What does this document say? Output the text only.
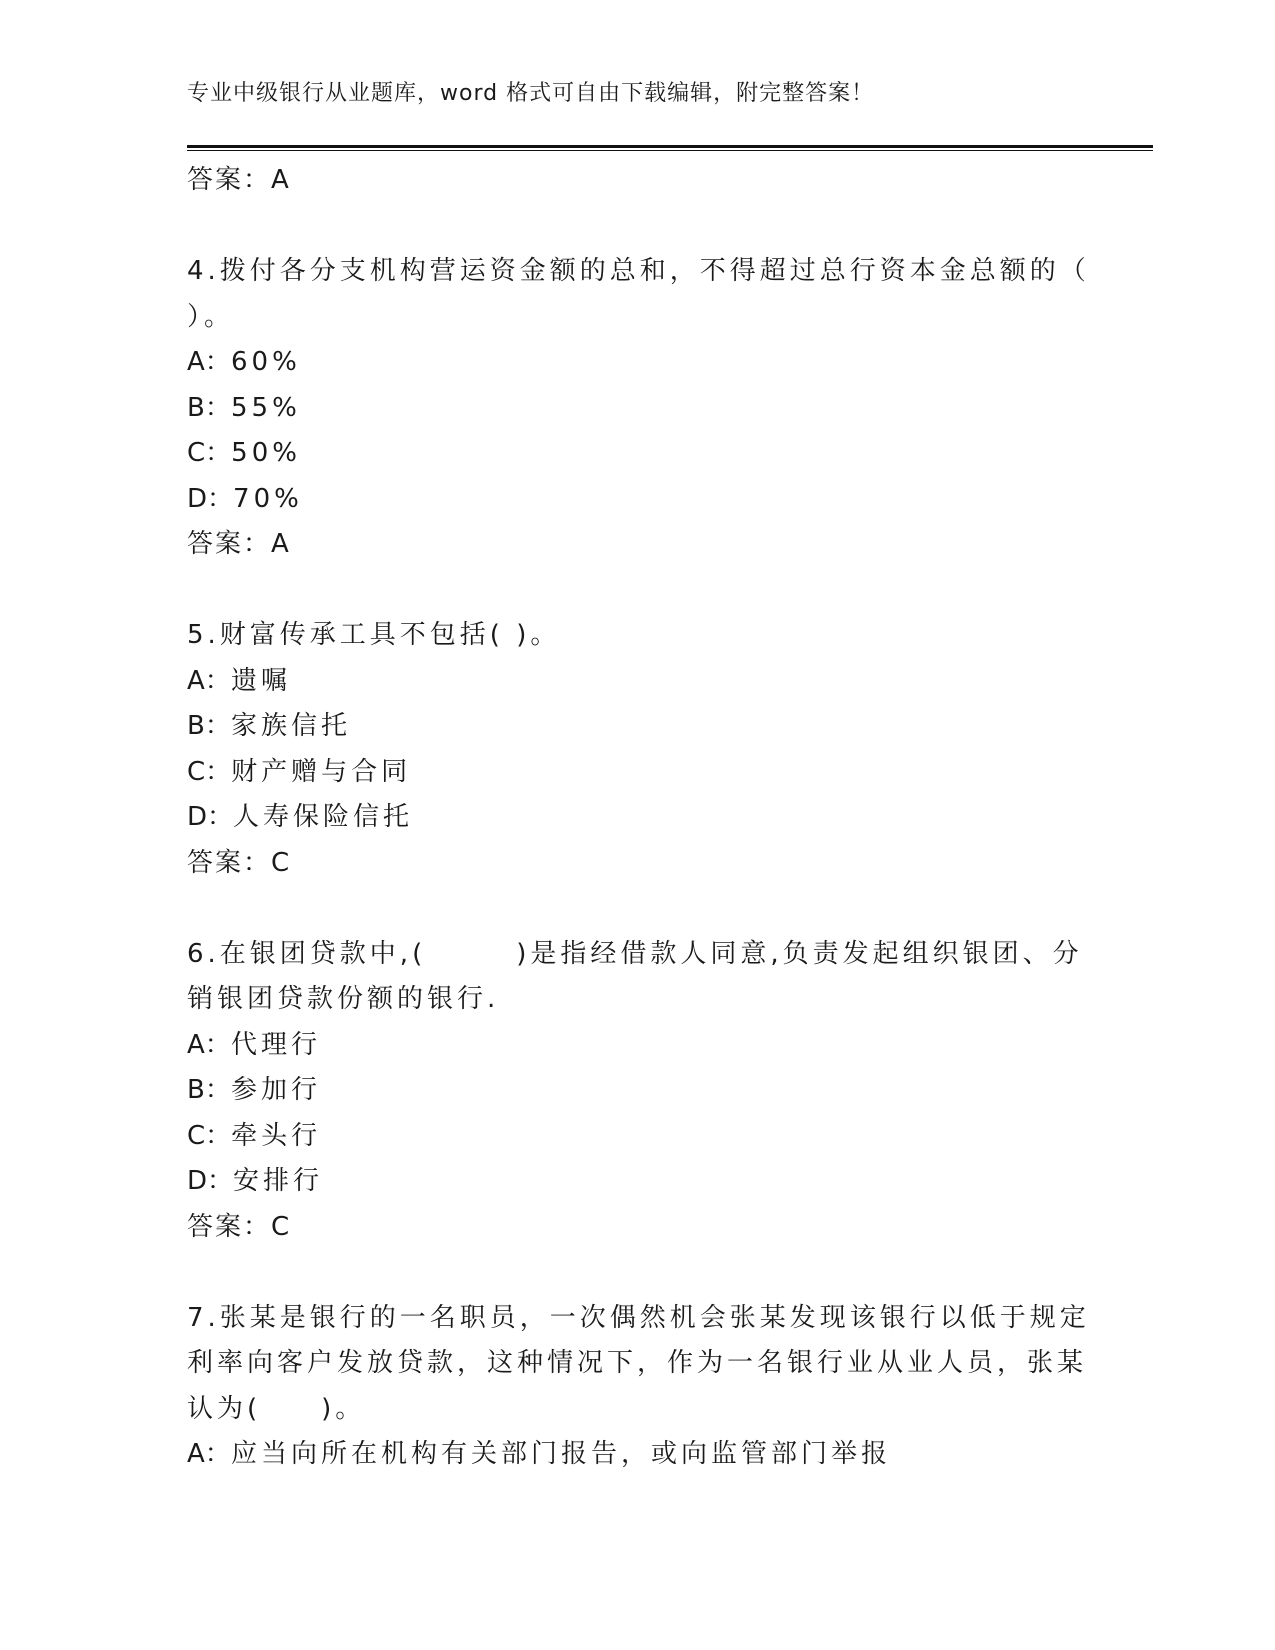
专业中级银行从业题库，word 格式可自由下载编辑，附完整答案！
答案：A
4.拨付各分支机构营运资金额的总和，不得超过总行资本金总额的（
）。
A：60%
B：55%
C：50%
D：70%
答案：A
5.财富传承工具不包括( )。
A：遗嘱
B：家族信托
C：财产赠与合同
D：人寿保险信托
答案：C
6.在银团贷款中,(　　　)是指经借款人同意,负责发起组织银团、分
销银团贷款份额的银行.
A：代理行
B：参加行
C：牵头行
D：安排行
答案：C
7.张某是银行的一名职员，一次偶然机会张某发现该银行以低于规定
利率向客户发放贷款，这种情况下，作为一名银行业从业人员，张某
认为(　　)。
A：应当向所在机构有关部门报告，或向监管部门举报
